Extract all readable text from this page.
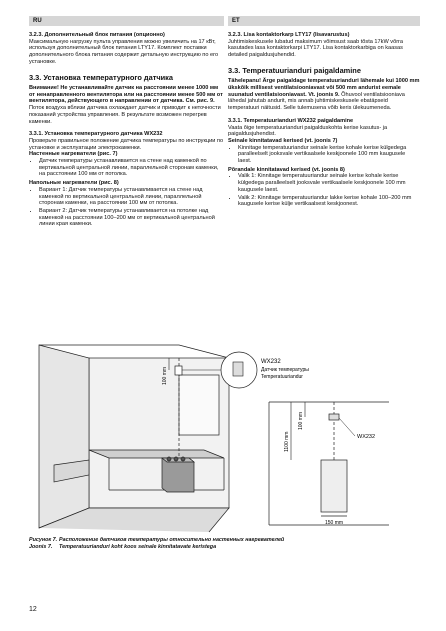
RU	ET
3.2.3. Дополнительный блок питания (опционно)

Максимальную нагрузку пульта управления можно увеличить на 17 кВт, используя дополнительный блок питания LTY17. Комплект поставки дополнительного блока питания содержит детальную инструкцию по его установке.

3.3. Установка температурного датчика

Внимание! Не устанавливайте датчик на расстоянии менее 1000 мм от ненаправленного вентилятора или на расстоянии менее 500 мм от вентилятора, действующего в направлении от датчика. См. рис. 9. Поток воздуха вблизи датчика охлаждает датчик и приводит к неточности показаний устройства управления. В результате возможен перегрев каменки.

3.3.1. Установка температурного датчика WX232
Проверьте правильное положение датчика температуры по инструкции по установке и эксплуатации электрокаменки.
Настенные нагреватели (рис. 7)
• Датчик температуры устанавливается на стене над каменкой по вертикальной центральной линии, параллельной сторонам каменки, на расстоянии 100 мм от потолка.
Напольные нагреватели (рис. 8)
• Вариант 1: Датчик температуры устанавливается на стене над каменкой по вертикальной центральной линии, параллельной сторонам каменки, на расстоянии 100 мм от потолка.
• Вариант 2: Датчик температуры устанавливается на потолке над каменкой на расстоянии 100–200 мм от вертикальной центральной линии края каменки.
3.2.3. Lisa kontaktorkarp LTY17 (lisavarustus)

Juhtimiskeskusele lubatud maksimum võimsust saab tõsta 17kW võrra kasutades lasa kontaktorkarpi LTY17. Lisa kontaktorkarbiga on kaasas detailed paigaldusjuhendid.

3.3. Temperatuurianduri paigaldamine

Tähelepanu! Ärge paigaldage temperatuurianduri lähemale kui 1000 mm ükskõik millisest ventilatsiooniavast või 500 mm andurist eemale suunatud ventilatsiooniavast. Vt. joonis 9. Õhuvool ventilatsiooniava lähedal jahutab andurit, mis annab juhtimiskeskusele ebatäpseid temperatuuri näitusid. Selle tulemusena võib keris ülekuumeneda.

3.3.1. Temperatuurianduri WX232 paigaldamine
Vaata õige temperatuurianduri paigalduskohta kerise kasutus- ja paigaldusjuhendist.
Seinale kinnitatavad kerised (vt. joonis 7)
• Kinnitage temperatuuriandur seinale kerise kohale kerise külgedega paralleelselt jooksvale vertikaalsele keskjoonele 100 mm kaugusele laest.
Põrandale kinnitatavad kerised (vt. joonis 8)
• Valik 1: Kinnitage temperatuuriandur seinale kerise kohale kerise külgedega paralleelselt jooksvale vertikaalsele keskjoonele 100 mm kaugusele laest.
• Valik 2: Kinnitage temperatuuriandur lakke kerise kohale 100–200 mm kaugusele kerise külje vertikaalsest keskjoonest.
100 mm
WX232
Датчик температуры
Temperatuuriandur
1100 mm
100 mm
WX232
150 mm
Рисунок 7. Расположение датчиков температуры относительно настенных нагревателей
Joonis 7. Temperatuurianduri koht koos seinale kinnitatavate keristega
12
